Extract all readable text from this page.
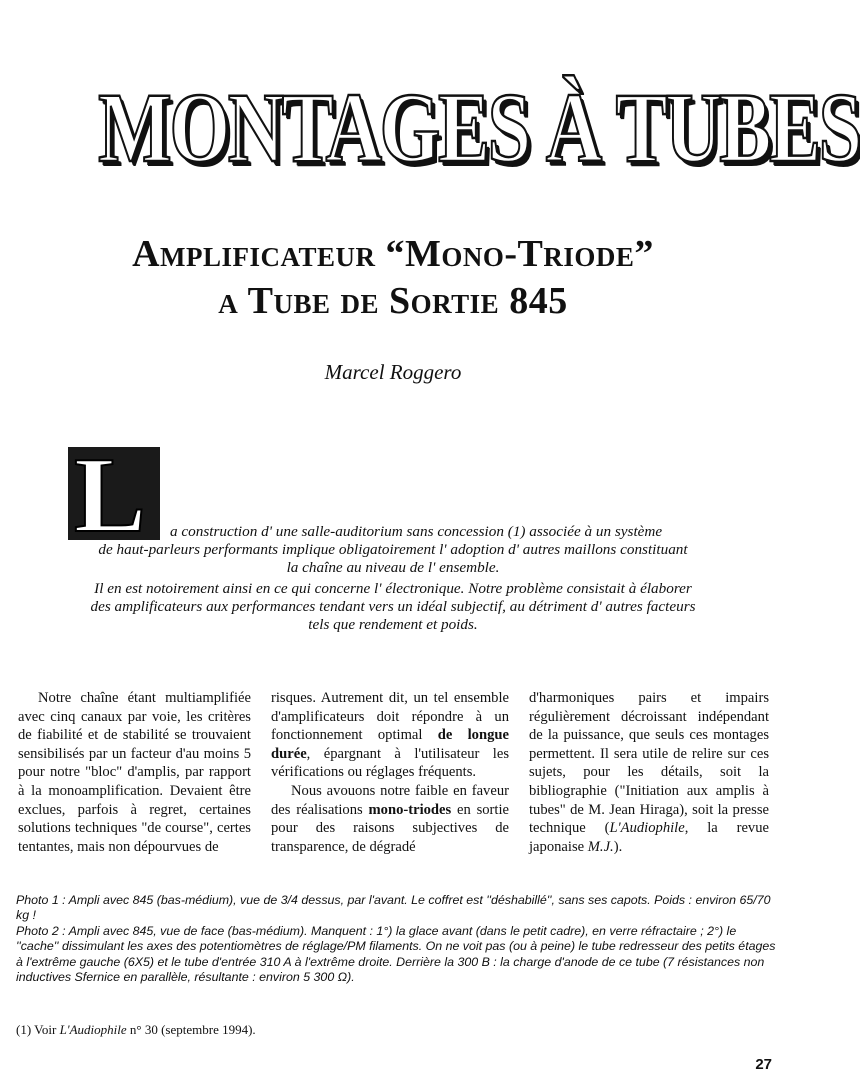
MONTAGES À TUBES
Amplificateur “Mono-Triode”
a Tube de Sortie 845
Marcel Roggero
L a construction d' une salle-auditorium sans concession (1) associée à un système
de haut-parleurs performants implique obligatoirement l' adoption d' autres maillons constituant
la chaîne au niveau de l' ensemble.
Il en est notoirement ainsi en ce qui concerne l' électronique. Notre problème consistait à élaborer
des amplificateurs aux performances tendant vers un idéal subjectif, au détriment d' autres facteurs
tels que rendement et poids.

Notre chaîne étant multiamplifiée avec cinq canaux par voie, les critères de fiabilité et de stabilité se trouvaient sensibilisés par un facteur d'au moins 5 pour notre "bloc" d'amplis, par rapport à la monoamplification. Devaient être exclues, parfois à regret, certaines solutions techniques "de course", certes tentantes, mais non dépourvues de

risques. Autrement dit, un tel ensemble d'amplificateurs doit répondre à un fonctionnement optimal de longue durée, épargnant à l'utilisateur les vérifications ou réglages fréquents.

Nous avouons notre faible en faveur des réalisations mono-triodes en sortie pour des raisons subjectives de transparence, de dégradé

d'harmoniques pairs et impairs régulièrement décroissant indépendant de la puissance, que seuls ces montages permettent. Il sera utile de relire sur ces sujets, pour les détails, soit la bibliographie ("Initiation aux amplis à tubes" de M. Jean Hiraga), soit la presse technique (L'Audiophile, la revue japonaise M.J.).

Photo 1 : Ampli avec 845 (bas-médium), vue de 3/4 dessus, par l'avant. Le coffret est ''déshabillé'', sans ses capots. Poids : environ 65/70 kg !

Photo 2 : Ampli avec 845, vue de face (bas-médium). Manquent : 1°) la glace avant (dans le petit cadre), en verre réfractaire ; 2°) le ''cache'' dissimulant les axes des potentiomètres de réglage/PM filaments. On ne voit pas (ou à peine) le tube redresseur des petits étages à l'extrême gauche (6X5) et le tube d'entrée 310 A à l'extrême droite. Derrière la 300 B : la charge d'anode de ce tube (7 résistances non inductives Sfernice en parallèle, résultante : environ 5 300 Ω).

(1) Voir L'Audiophile n° 30 (septembre 1994).
27
